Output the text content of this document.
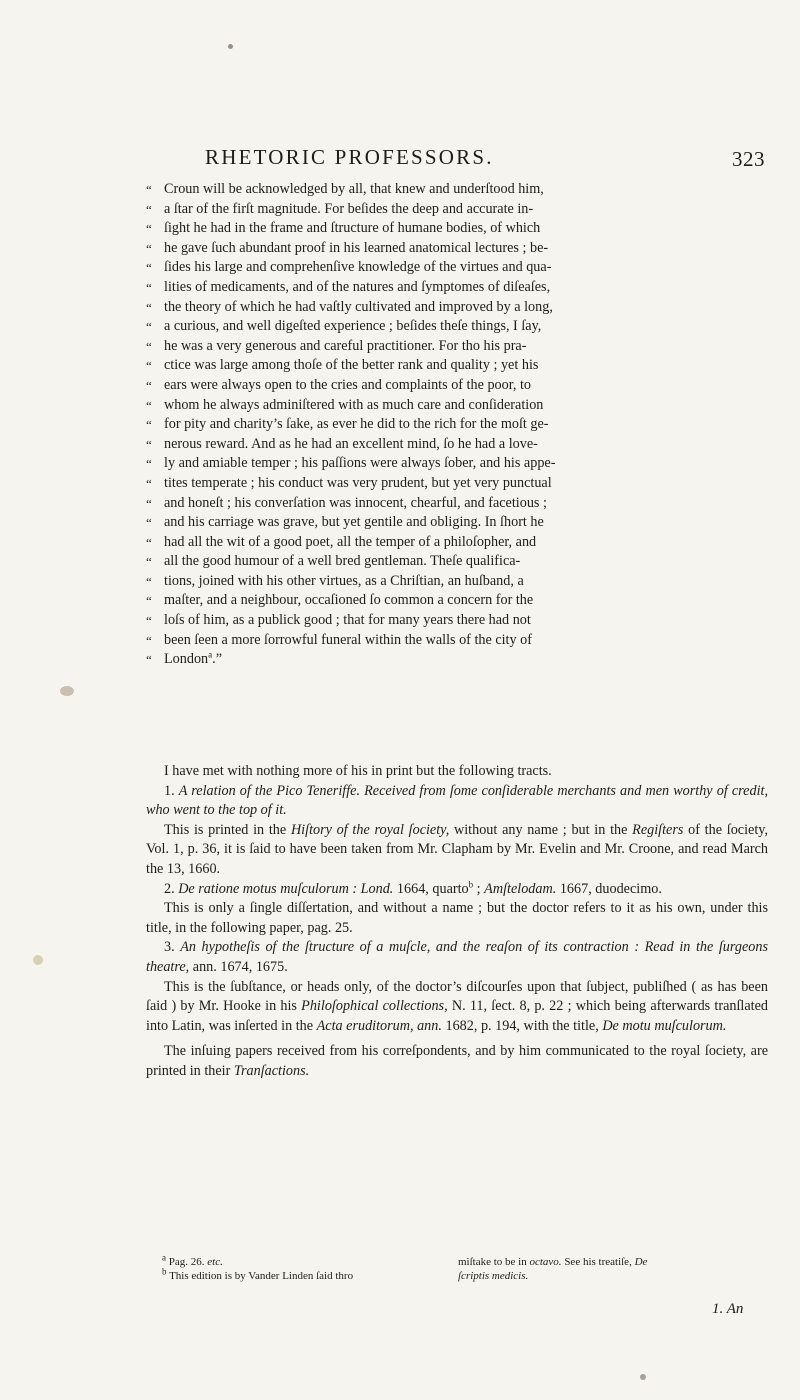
RHETORIC PROFESSORS.	323
“ Croun will be acknowledged by all, that knew and underſtood him,
“ a ſtar of the firſt magnitude. For beſides the deep and accurate in-
“ ſight he had in the frame and ſtructure of humane bodies, of which
“ he gave ſuch abundant proof in his learned anatomical lectures ; be-
“ ſides his large and comprehenſive knowledge of the virtues and qua-
“ lities of medicaments, and of the natures and ſymptomes of diſeaſes,
“ the theory of which he had vaſtly cultivated and improved by a long,
“ a curious, and well digeſted experience ; beſides theſe things, I ſay,
“ he was a very generous and careful practitioner. For tho his pra-
“ ctice was large among thoſe of the better rank and quality ; yet his
“ ears were always open to the cries and complaints of the poor, to
“ whom he always adminiſtered with as much care and conſideration
“ for pity and charity’s ſake, as ever he did to the rich for the moſt ge-
“ nerous reward. And as he had an excellent mind, ſo he had a love-
“ ly and amiable temper ; his paſſions were always ſober, and his appe-
“ tites temperate ; his conduct was very prudent, but yet very punctual
“ and honeſt ; his converſation was innocent, chearful, and facetious ;
“ and his carriage was grave, but yet gentile and obliging. In ſhort he
“ had all the wit of a good poet, all the temper of a philoſopher, and
“ all the good humour of a well bred gentleman. Theſe qualifica-
“ tions, joined with his other virtues, as a Chriſtian, an huſband, a
“ maſter, and a neighbour, occaſioned ſo common a concern for the
“ loſs of him, as a publick good ; that for many years there had not
“ been ſeen a more ſorrowful funeral within the walls of the city of
“ London$^a$.”

I have met with nothing more of his in print but the following tracts.

1. A relation of the Pico Teneriffe. Received from ſome conſiderable merchants and men worthy of credit, who went to the top of it.

This is printed in the Hiſtory of the royal ſociety, without any name ; but in the Regiſters of the ſociety, Vol. 1, p. 36, it is ſaid to have been taken from Mr. Clapham by Mr. Evelin and Mr. Croone, and read March the 13, 1660.

2. De ratione motus muſculorum : Lond. 1664, quarto$^b$ ; Amſtelodam. 1667, duodecimo.

This is only a ſingle diſſertation, and without a name ; but the doctor refers to it as his own, under this title, in the following paper, pag. 25.

3. An hypotheſis of the ſtructure of a muſcle, and the reaſon of its contraction : Read in the ſurgeons theatre, ann. 1674, 1675.

This is the ſubſtance, or heads only, of the doctor’s diſcourſes upon that ſubject, publiſhed ( as has been ſaid ) by Mr. Hooke in his Philoſophical collections, N. 11, ſect. 8, p. 22 ; which being afterwards tranſlated into Latin, was inſerted in the Acta eruditorum, ann. 1682, p. 194, with the title, De motu muſculorum.

The inſuing papers received from his correſpondents, and by him communicated to the royal ſociety, are printed in their Tranſactions.

$^a$ Pag. 26. etc.	miſtake to be in octavo. See his treatiſe, De
$^b$ This edition is by Vander Linden ſaid thro	ſcriptis medicis.
1. An
